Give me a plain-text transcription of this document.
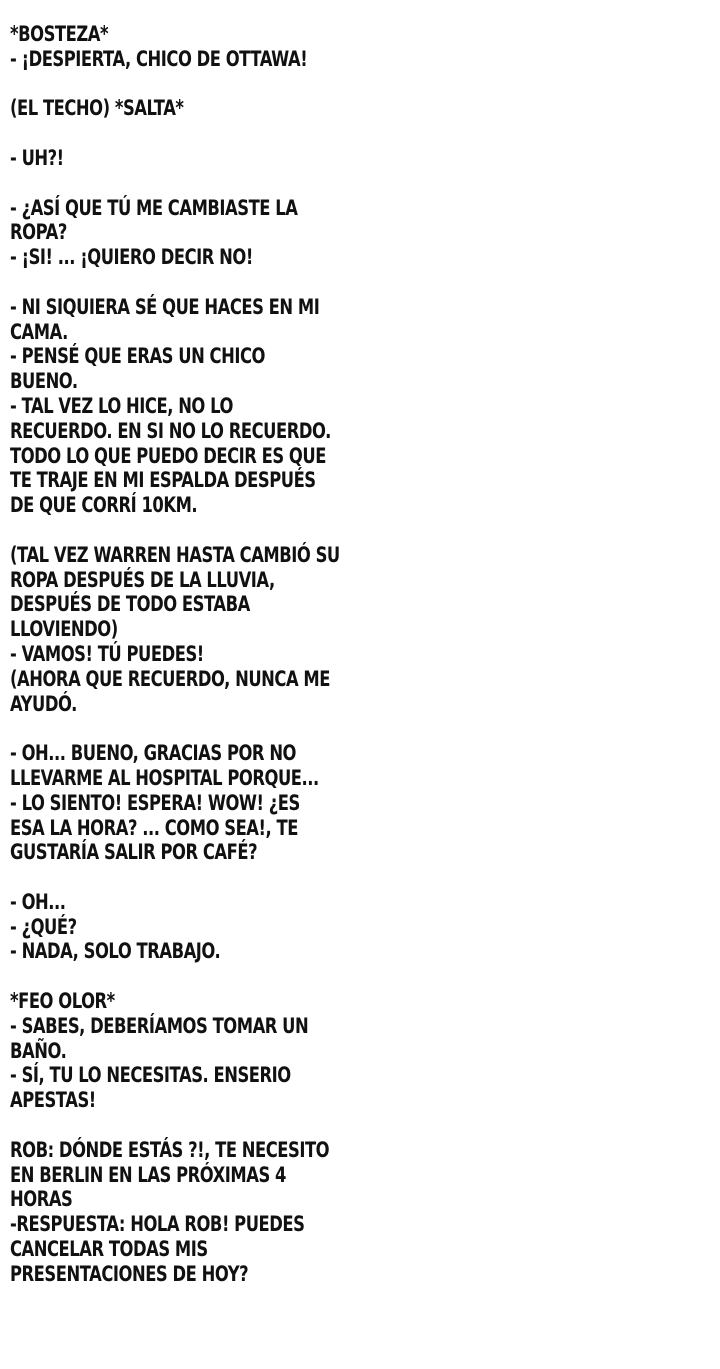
*BOSTEZA*
- ¡DESPIERTA, CHICO DE OTTAWA!
(EL TECHO) *SALTA*
- UH?!
- ¿ASÍ QUE TÚ ME CAMBIASTE LA
ROPA?
- ¡SI! ... ¡QUIERO DECIR NO!
- NI SIQUIERA SÉ QUE HACES EN MI
CAMA.
- PENSÉ QUE ERAS UN CHICO
BUENO.
- TAL VEZ LO HICE, NO LO
RECUERDO. EN SI NO LO RECUERDO.
TODO LO QUE PUEDO DECIR ES QUE
TE TRAJE EN MI ESPALDA DESPUÉS
DE QUE CORRÍ 10KM.
(TAL VEZ WARREN HASTA CAMBIÓ SU
ROPA DESPUÉS DE LA LLUVIA,
DESPUÉS DE TODO ESTABA
LLOVIENDO)
- VAMOS! TÚ PUEDES!
(AHORA QUE RECUERDO, NUNCA ME
AYUDÓ.
- OH... BUENO, GRACIAS POR NO
LLEVARME AL HOSPITAL PORQUE...
- LO SIENTO! ESPERA! WOW! ¿ES
ESA LA HORA? ... COMO SEA!, TE
GUSTARÍA SALIR POR CAFÉ?
- OH...
- ¿QUÉ?
- NADA, SOLO TRABAJO.
*FEO OLOR*
- SABES, DEBERÍAMOS TOMAR UN
BAÑO.
- SÍ, TU LO NECESITAS. ENSERIO
APESTAS!
ROB: DÓNDE ESTÁS ?!, TE NECESITO
EN BERLIN EN LAS PRÓXIMAS 4
HORAS
-RESPUESTA: HOLA ROB! PUEDES
CANCELAR TODAS MIS
PRESENTACIONES DE HOY?
